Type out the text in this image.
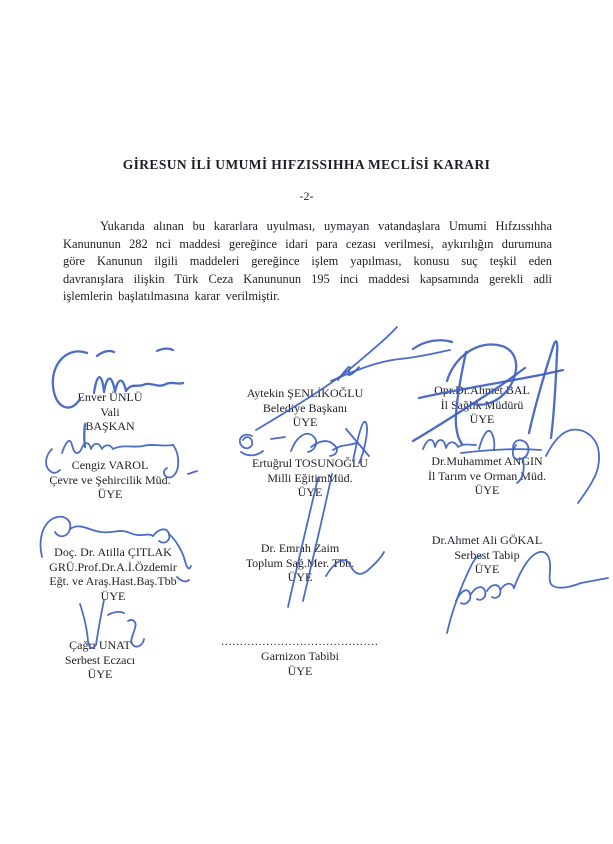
GİRESUN İLİ UMUMİ HIFZISSIHHA MECLİSİ KARARI
-2-
Yukarıda alınan bu kararlara uyulması, uymayan vatandaşlara Umumi Hıfzıssıhha Kanununun 282 nci maddesi gereğince idari para cezası verilmesi, aykırılığın durumuna göre Kanunun ilgili maddeleri gereğince işlem yapılması, konusu suç teşkil eden davranışlara ilişkin Türk Ceza Kanununun 195 inci maddesi kapsamında gerekli adli işlemlerin başlatılmasına karar verilmiştir.
Enver ÜNLÜ
Vali
BAŞKAN
Aytekin ŞENLİKOĞLU
Belediye Başkanı
ÜYE
Opr.Dr.Ahmet BAL
İl Sağlık Müdürü
ÜYE
Cengiz VAROL
Çevre ve Şehircilik Müd.
ÜYE
Ertuğrul TOSUNOĞLU
Milli EğitimMüd.
ÜYE
Dr.Muhammet ANGIN
İl Tarım ve Orman Müd.
ÜYE
Doç. Dr. Atilla ÇITLAK
GRÜ.Prof.Dr.A.İ.Özdemir
Eğt. ve Araş.Hast.Baş.Tbb
ÜYE
Dr. Emrah Zaim
Toplum Sağ.Mer. Tbb.
ÜYE
Dr.Ahmet Ali GÖKAL
Serbest Tabip
ÜYE
Çağrı UNAT
Serbest Eczacı
ÜYE
..........................................
Garnizon Tabibi
ÜYE
